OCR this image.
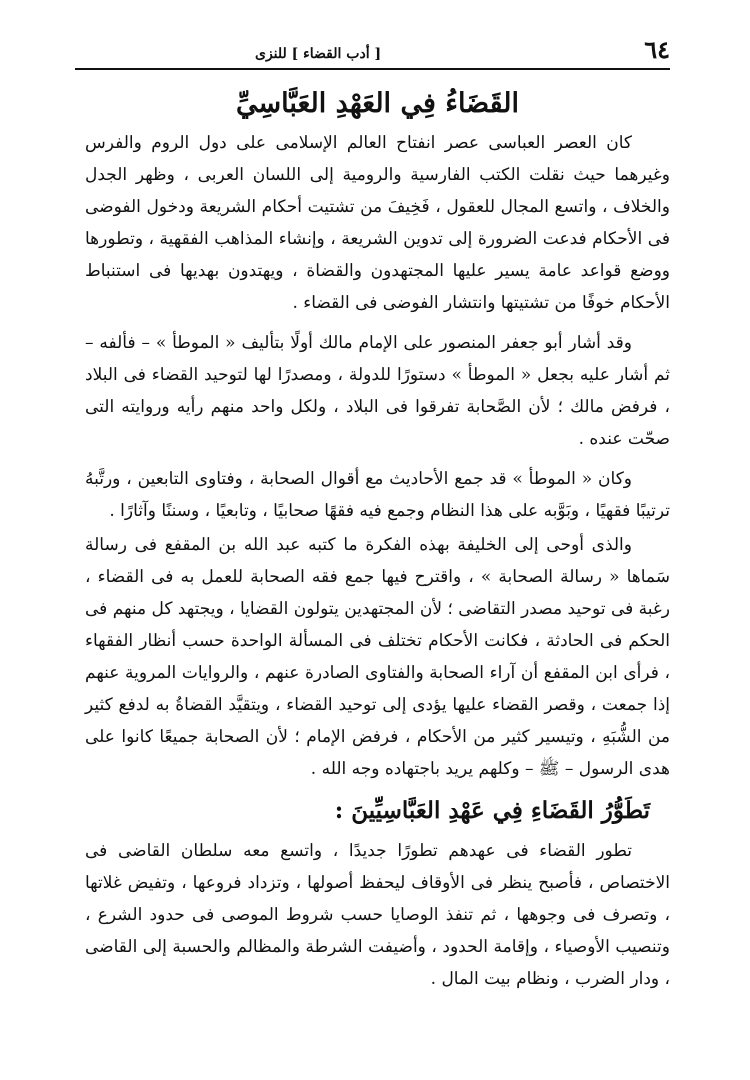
٦٤
[ أدب القضاء ] للنزى
القَضَاءُ فِي العَهْدِ العَبَّاسِيِّ

كان العصر العباسى عصر انفتاح العالم الإسلامى على دول الروم والفرس وغيرهما حيث نقلت الكتب الفارسية والرومية إلى اللسان العربى ، وظهر الجدل والخلاف ، واتسع المجال للعقول ، فَخِيفَ من تشتيت أحكام الشريعة ودخول الفوضى فى الأحكام فدعت الضرورة إلى تدوين الشريعة ، وإنشاء المذاهب الفقهية ، وتطورها ووضع قواعد عامة يسير عليها المجتهدون والقضاة ، ويهتدون بهديها فى استنباط الأحكام خوفًا من تشتيتها وانتشار الفوضى فى القضاء .

وقد أشار أبو جعفر المنصور على الإمام مالك أولًا بتأليف « الموطأ » – فألفه – ثم أشار عليه بجعل « الموطأ » دستورًا للدولة ، ومصدرًا لها لتوحيد القضاء فى البلاد ، فرفض مالك ؛ لأن الصَّحابة تفرقوا فى البلاد ، ولكل واحد منهم رأيه وروايته التى صحّت عنده .

وكان « الموطأ » قد جمع الأحاديث مع أقوال الصحابة ، وفتاوى التابعين ، ورتَّبهُ ترتيبًا فقهيًا ، وبَوَّبه على هذا النظام وجمع فيه فقهًا صحابيًا ، وتابعيًا ، وسننًا وآثارًا .

والذى أوحى إلى الخليفة بهذه الفكرة ما كتبه عبد الله بن المقفع فى رسالة سَماها « رسالة الصحابة » ، واقترح فيها جمع فقه الصحابة للعمل به فى القضاء ، رغبة فى توحيد مصدر التقاضى ؛ لأن المجتهدين يتولون القضايا ، ويجتهد كل منهم فى الحكم فى الحادثة ، فكانت الأحكام تختلف فى المسألة الواحدة حسب أنظار الفقهاء ، فرأى ابن المقفع أن آراء الصحابة والفتاوى الصادرة عنهم ، والروايات المروية عنهم إذا جمعت ، وقصر القضاء عليها يؤدى إلى توحيد القضاء ، ويتقيَّد القضاةُ به لدفع كثير من الشُّبَهِ ، وتيسير كثير من الأحكام ، فرفض الإمام ؛ لأن الصحابة جميعًا كانوا على هدى الرسول – ﷺ – وكلهم يريد باجتهاده وجه الله .

تَطَوُّرُ القَضَاءِ فِي عَهْدِ العَبَّاسِيِّينَ :

تطور القضاء فى عهدهم تطورًا جديدًا ، واتسع معه سلطان القاضى فى الاختصاص ، فأصبح ينظر فى الأوقاف ليحفظ أصولها ، وتزداد فروعها ، وتفيض غلاتها ، وتصرف فى وجوهها ، ثم تنفذ الوصايا حسب شروط الموصى فى حدود الشرع ، وتنصيب الأوصياء ، وإقامة الحدود ، وأضيفت الشرطة والمظالم والحسبة إلى القاضى ، ودار الضرب ، ونظام بيت المال .
